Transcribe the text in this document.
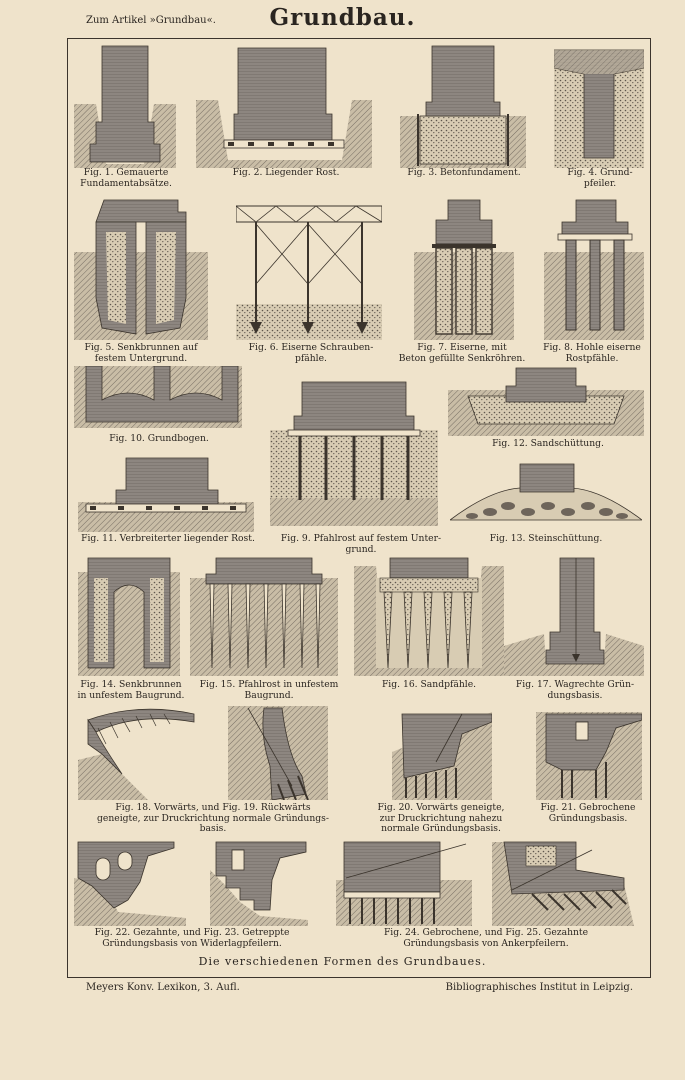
Zum Artikel »Grundbau«.	Grundbau.
Fig. 1. Gemauerte
Fundamentabsätze.
Fig. 2. Liegender Rost.	Fig. 3. Betonfundament.	Fig. 4. Grund-
pfeiler.
Fig. 5. Senkbrunnen auf
festem Untergrund.
Fig. 6. Eiserne Schrauben-
pfähle.
Fig. 7. Eiserne, mit
Beton gefüllte Senkröhren.
Fig. 8. Hohle eiserne
Rostpfähle.
Fig. 10. Grundbogen.	Fig. 12. Sandschüttung.
Fig. 11. Verbreiterter liegender Rost.	Fig. 9. Pfahlrost auf festem Unter-
grund.
Fig. 13. Steinschüttung.
Fig. 14. Senkbrunnen
in unfestem Baugrund.
Fig. 15. Pfahlrost in unfestem
Baugrund.
Fig. 16. Sandpfähle.	Fig. 17. Wagrechte Grün-
dungsbasis.
Fig. 18. Vorwärts, und Fig. 19. Rückwärts
geneigte, zur Druckrichtung normale Gründungs-
basis.
Fig. 20. Vorwärts geneigte,
zur Druckrichtung nahezu
normale Gründungsbasis.
Fig. 21. Gebrochene
Gründungsbasis.
Fig. 22. Gezahnte, und Fig. 23. Getreppte
Gründungsbasis von Widerlagpfeilern.
Fig. 24. Gebrochene, und Fig. 25. Gezahnte
Gründungsbasis von Ankerpfeilern.
Die verschiedenen Formen des Grundbaues.
Meyers Konv. Lexikon, 3. Aufl.	Bibliographisches Institut in Leipzig.
